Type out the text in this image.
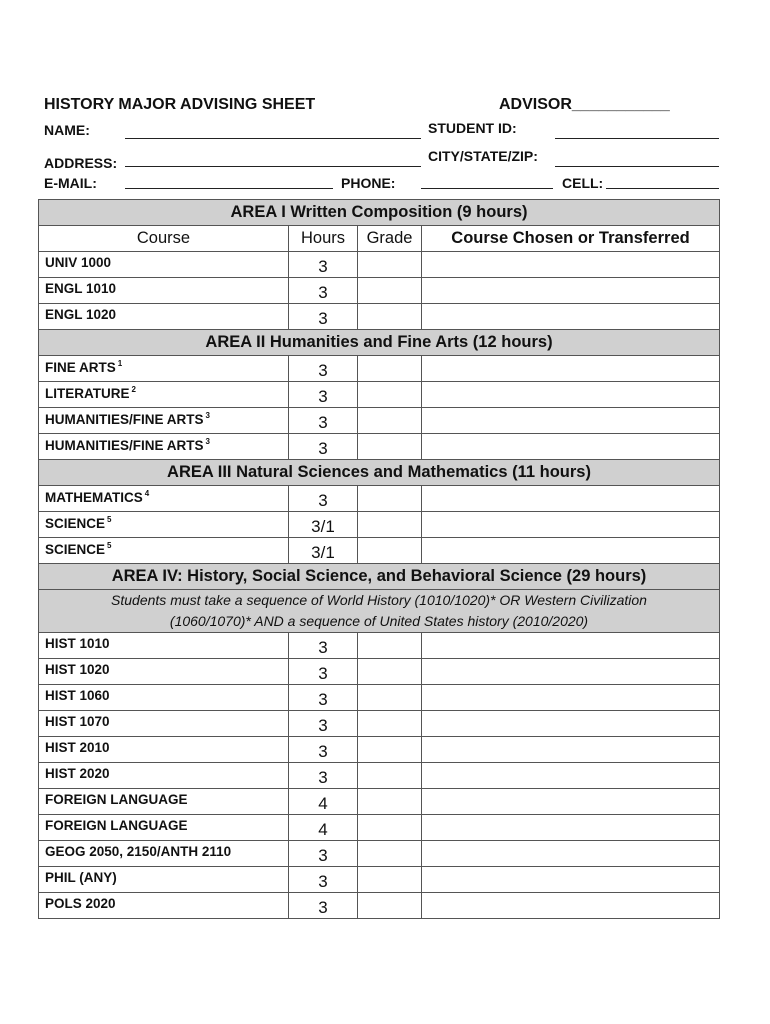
HISTORY MAJOR ADVISING SHEET	ADVISOR___________
NAME:	STUDENT ID:
ADDRESS:	CITY/STATE/ZIP:
E-MAIL:	PHONE:	CELL:
AREA I Written Composition (9 hours)			
Course	Hours	Grade	Course Chosen or Transferred
UNIV 1000	3		
ENGL 1010	3		
ENGL 1020	3		
AREA II Humanities and Fine Arts (12 hours)			
FINE ARTS $^1$	3		
LITERATURE $^2$	3		
HUMANITIES/FINE ARTS $^3$	3		
HUMANITIES/FINE ARTS $^3$	3		
AREA III Natural Sciences and Mathematics (11 hours)			
MATHEMATICS $^4$	3		
SCIENCE $^5$	3/1		
SCIENCE $^5$	3/1		
AREA IV: History, Social Science, and Behavioral Science (29 hours)			

Students must take a sequence of World History (1010/1020)* OR Western Civilization
(1060/1070)* AND a sequence of United States history (2010/2020)			

HIST 1010	3		
HIST 1020	3		
HIST 1060	3		
HIST 1070	3		
HIST 2010	3		
HIST 2020	3		
FOREIGN LANGUAGE	4		
FOREIGN LANGUAGE	4		
GEOG 2050, 2150/ANTH 2110	3		
PHIL (ANY)	3		
POLS 2020	3		
